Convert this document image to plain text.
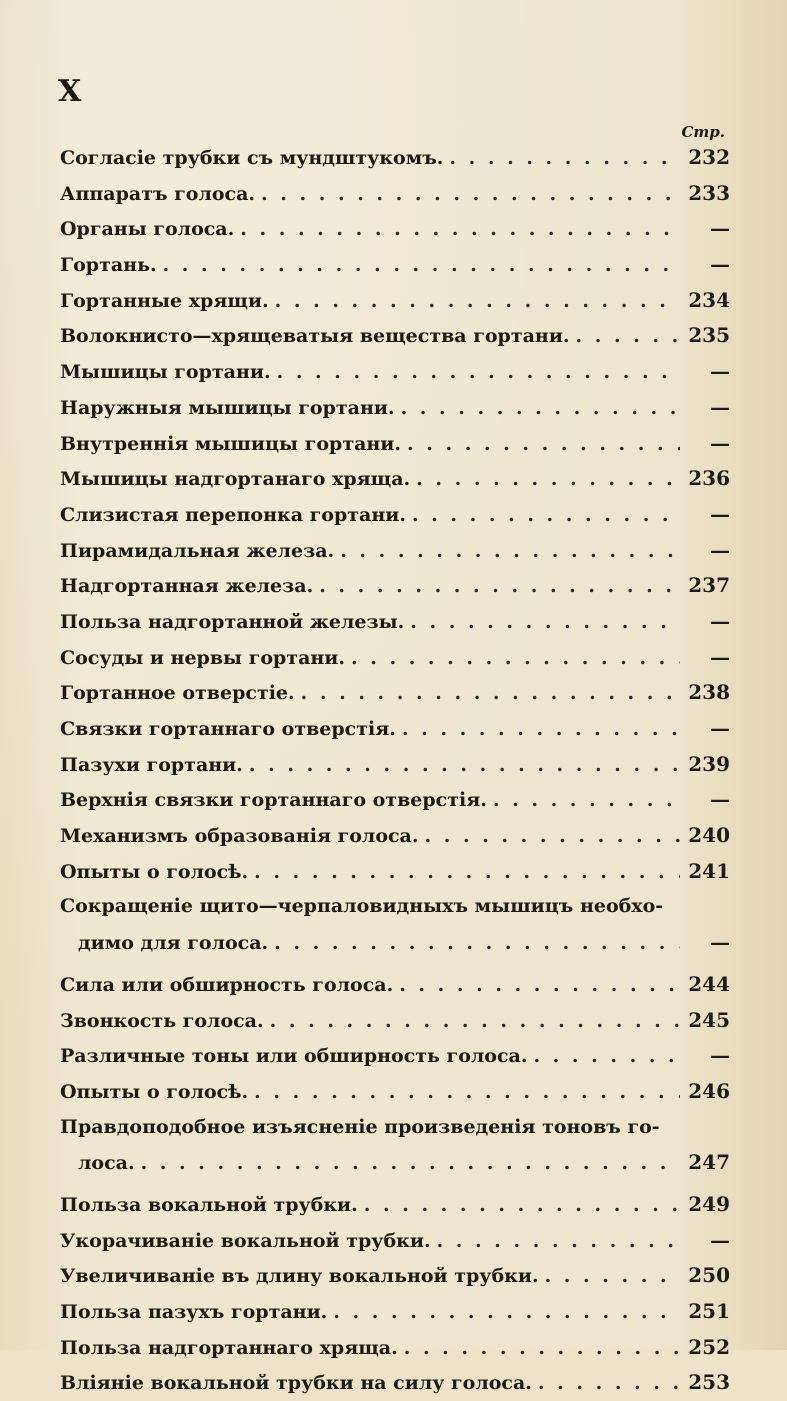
X
Стр.
Согласіе трубки съ мундштукомъ. . . .	232
Аппаратъ голоса. . . .	233
Органы голоса. . . .	—
Гортань. . . .	—
Гортанные хрящи. . . .	234
Волокнисто—хрящеватыя вещества гортани. . . .	235
Мышицы гортани. . . .	—
Наружныя мышицы гортани. . . .	—
Внутреннія мышицы гортани. . . .	—
Мышицы надгортанаго хряща. . . .	236
Слизистая перепонка гортани. . . .	—
Пирамидальная железа. . . .	—
Надгортанная железа. . . .	237
Польза надгортанной железы. . . .	—
Сосуды и нервы гортани. . . .	—
Гортанное отверстіе. . . .	238
Связки гортаннаго отверстія. . . .	—
Пазухи гортани. . . .	239
Верхнія связки гортаннаго отверстія. . . .	—
Механизмъ образованія голоса. . . .	240
Опыты о голосѣ. . . .	241
Сокращеніе щито—черпаловидныхъ мышицъ необхо-
димо для голоса. . . .	—
Сила или обширность голоса. . . .	244
Звонкость голоса. . . .	245
Различные тоны или обширность голоса. . . .	—
Опыты о голосѣ. . . .	246
Правдоподобное изъясненіе произведенія тоновъ го-
лоса. . . .	247
Польза вокальной трубки. . . .	249
Укорачиваніе вокальной трубки. . . .	—
Увеличиваніе въ длину вокальной трубки. . . .	250
Польза пазухъ гортани. . . .	251
Польза надгортаннаго хряща. . . .	252
Вліяніе вокальной трубки на силу голоса. . . .	253
